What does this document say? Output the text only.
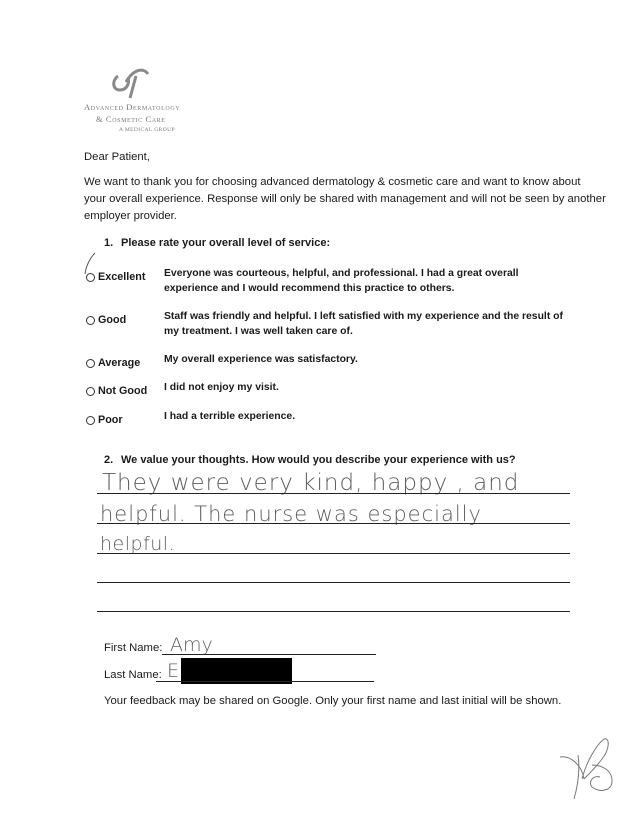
Advanced Dermatology
& Cosmetic Care
A MEDICAL GROUP
Dear Patient,
We want to thank you for choosing advanced dermatology & cosmetic care and want to know about
your overall experience. Response will only be shared with management and will not be seen by another
employer provider.
1. Please rate your overall level of service:
Excellent Everyone was courteous, helpful, and professional. I had a great overall experience and I would recommend this practice to others.
Good	Staff was friendly and helpful. I left satisfied with my experience and the result of my treatment. I was well taken care of.
Average My overall experience was satisfactory.
Not Good I did not enjoy my visit.
Poor	I had a terrible experience.
2. We value your thoughts. How would you describe your experience with us?
They were very kind, happy , and
helpful. The nurse was especially
helpful.
First Name: Amy
Last Name: E
Your feedback may be shared on Google. Only your first name and last initial will be shown.
